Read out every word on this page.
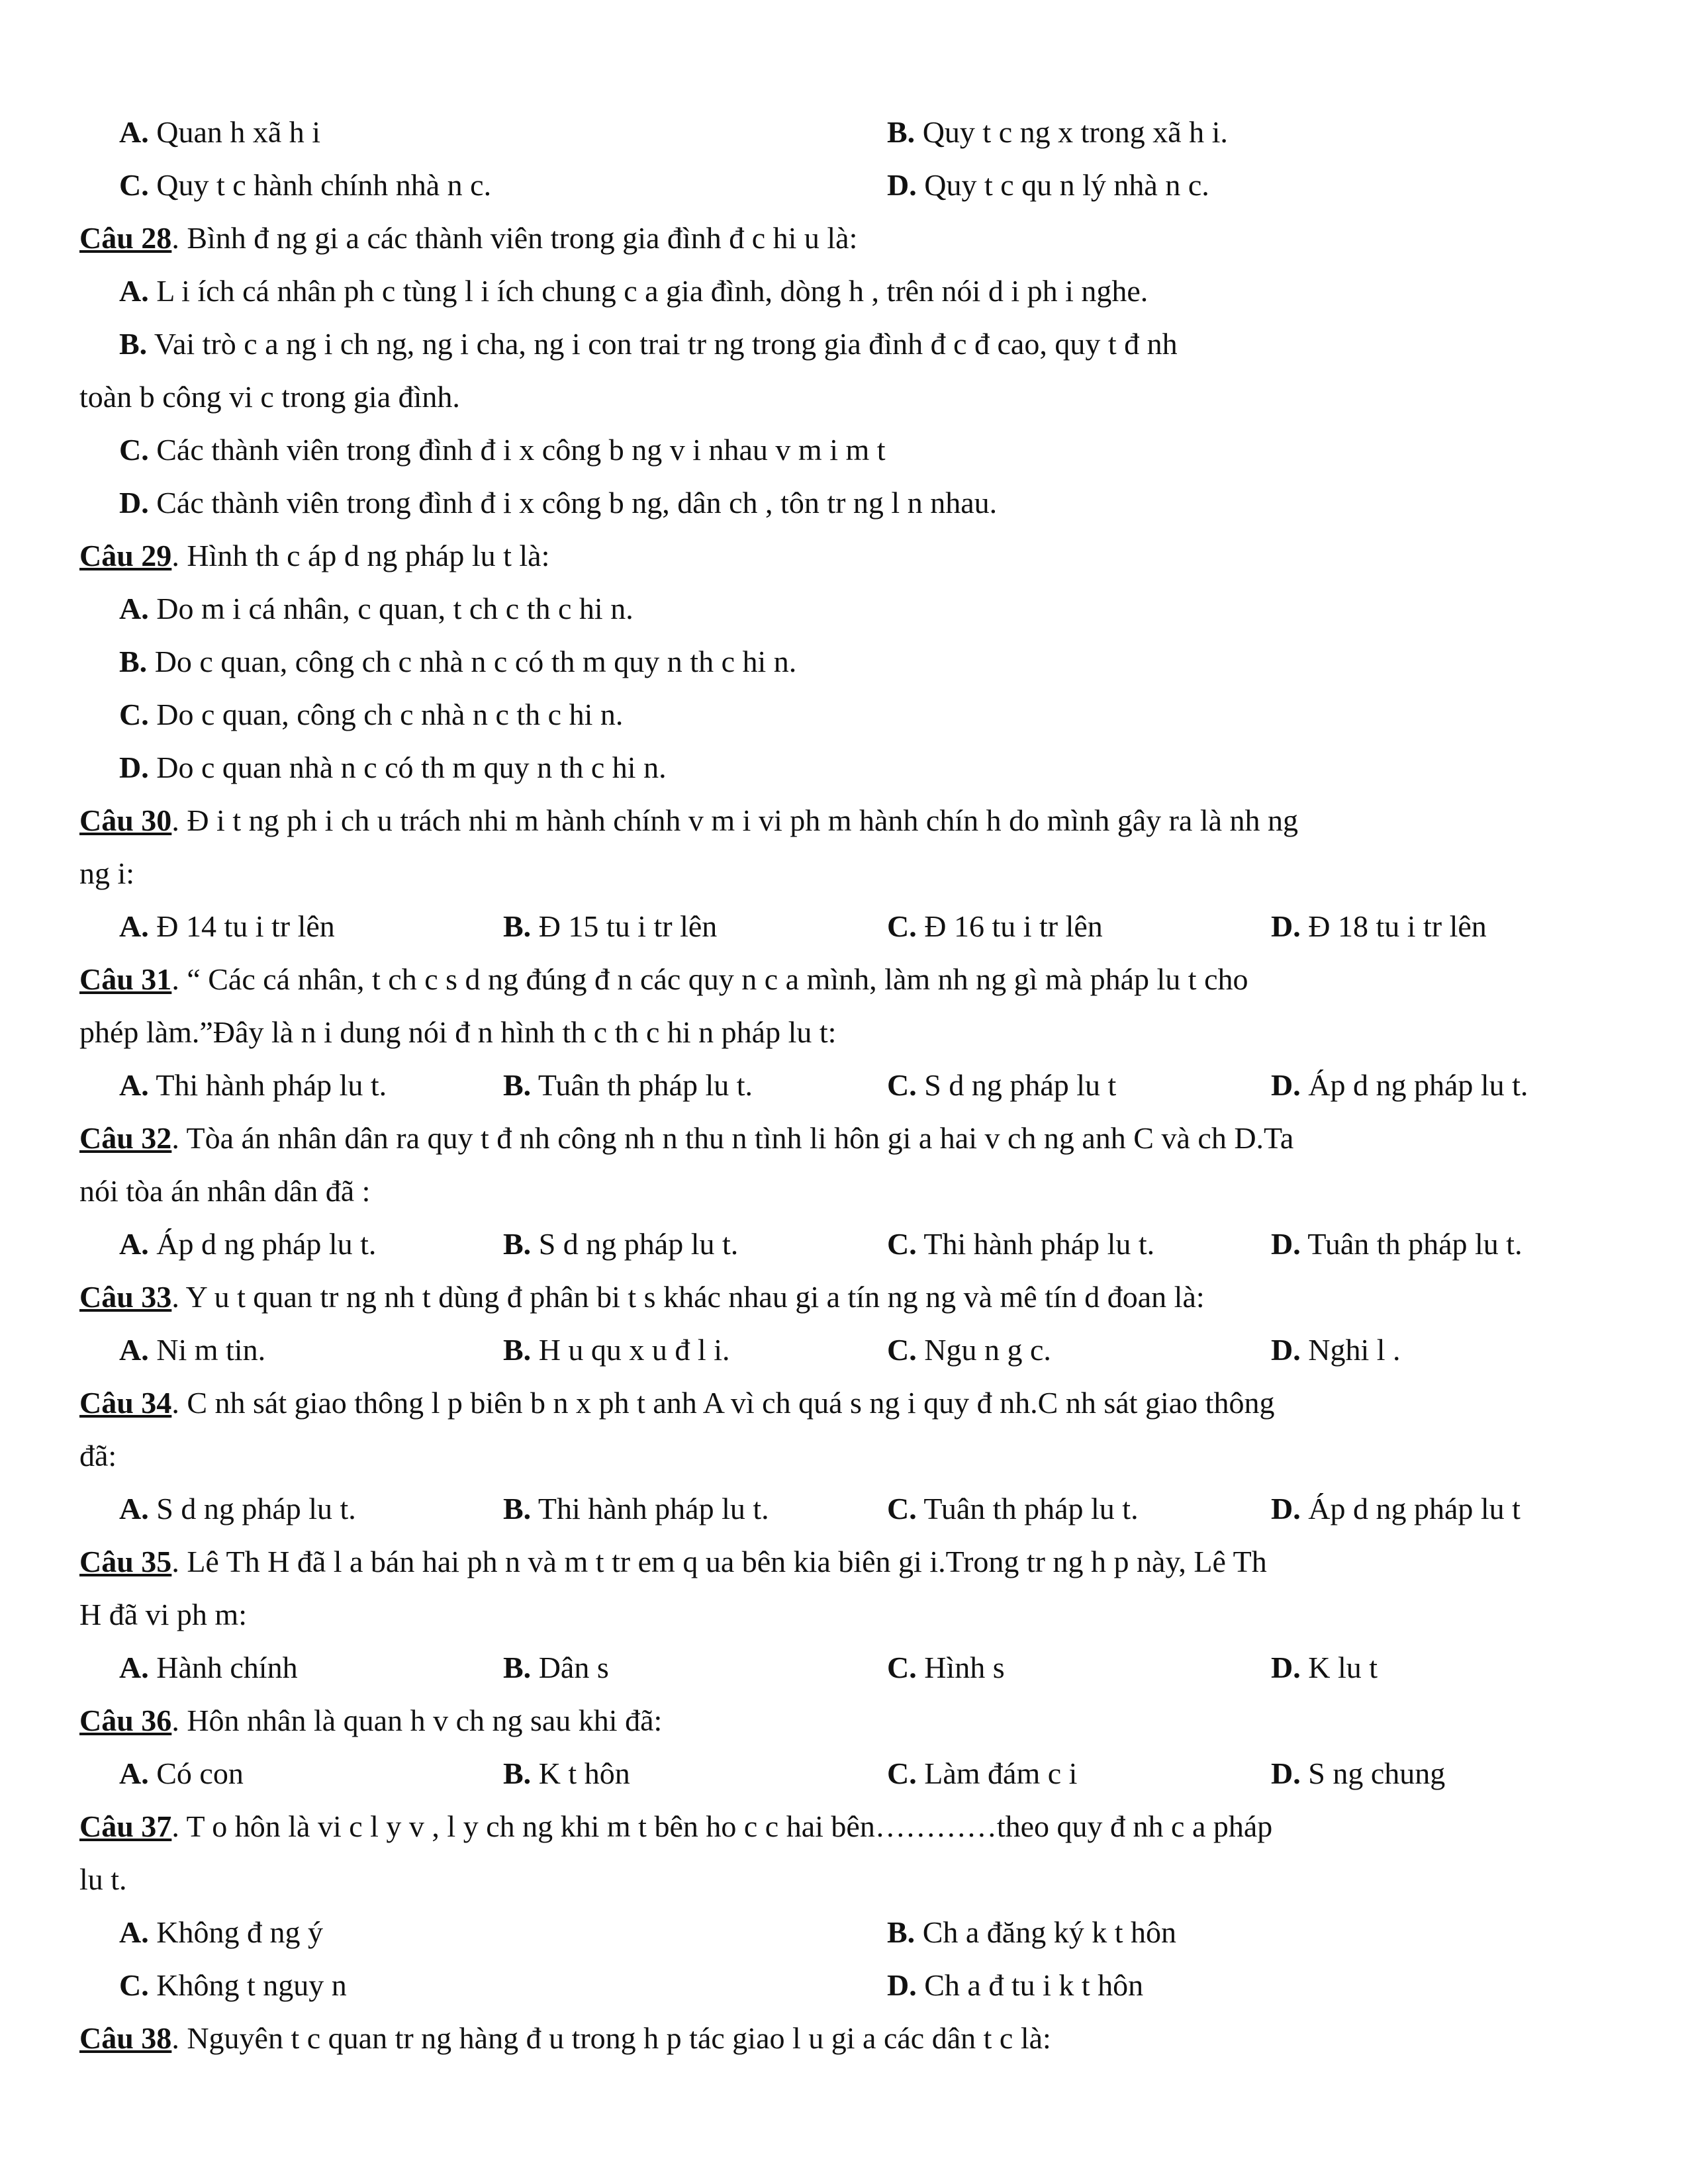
A. Quan h xã h i	B. Quy t c ng x trong xã h i.
C. Quy t c hành chính nhà n c.	D. Quy t c qu n lý nhà n c.

Câu 28. Bình đ ng gi a các thành viên trong gia đình đ c hi u là:

A. L i ích cá nhân ph c tùng l i ích chung c a gia đình, dòng h , trên nói d i ph i nghe.
B. Vai trò c a ng i ch ng, ng i cha, ng i con trai tr ng trong gia đình đ c đ cao, quy t đ nh
toàn b công vi c trong gia đình.
C. Các thành viên trong đình đ i x công b ng v i nhau v m i m t
D. Các thành viên trong đình đ i x công b ng, dân ch , tôn tr ng l n nhau.

Câu 29. Hình th c áp d ng pháp lu t là:

A. Do m i cá nhân, c quan, t ch c th c hi n.
B. Do c quan, công ch c nhà n c có th m quy n th c hi n.
C. Do c quan, công ch c nhà n c th c hi n.
D. Do c quan nhà n c có th m quy n th c hi n.

Câu 30. Đ i t ng ph i ch u trách nhi m hành chính v m i vi ph m hành chín h do mình gây ra là nh ng

ng i:
A. Đ 14 tu i tr lên	B. Đ 15 tu i tr lên	C. Đ 16 tu i tr lên	D. Đ 18 tu i tr lên

Câu 31. “ Các cá nhân, t ch c s d ng đúng đ n các quy n c a mình, làm nh ng gì mà pháp lu t cho

phép làm.”Đây là n i dung nói đ n hình th c th c hi n pháp lu t:
A. Thi hành pháp lu t.	B. Tuân th pháp lu t.	C. S d ng pháp lu t	D. Áp d ng pháp lu t.

Câu 32. Tòa án nhân dân ra quy t đ nh công nh n thu n tình li hôn gi a hai v ch ng anh C và ch D.Ta

nói tòa án nhân dân đã :
A. Áp d ng pháp lu t.	B. S d ng pháp lu t.	C. Thi hành pháp lu t.	D. Tuân th pháp lu t.

Câu 33. Y u t quan tr ng nh t dùng đ phân bi t s khác nhau gi a tín ng ng và mê tín d đoan là:

A. Ni m tin.	B. H u qu x u đ l i.	C. Ngu n g c.	D. Nghi l .

Câu 34. C nh sát giao thông l p biên b n x ph t anh A vì ch quá s ng i quy đ nh.C nh sát giao thông

đã:
A. S d ng pháp lu t.	B. Thi hành pháp lu t.	C. Tuân th pháp lu t.	D. Áp d ng pháp lu t

Câu 35. Lê Th H đã l a bán hai ph n và m t tr em q ua bên kia biên gi i.Trong tr ng h p này, Lê Th

H đã vi ph m:
A. Hành chính	B. Dân s	C. Hình s	D. K lu t

Câu 36. Hôn nhân là quan h v ch ng sau khi đã:

A. Có con	B. K t hôn	C. Làm đám c i	D. S ng chung

Câu 37. T o hôn là vi c l y v , l y ch ng khi m t bên ho c c hai bên…………theo quy đ nh c a pháp

lu t.
A. Không đ ng ý	B. Ch a đăng ký k t hôn
C. Không t nguy n	D. Ch a đ tu i k t hôn

Câu 38. Nguyên t c quan tr ng hàng đ u trong h p tác giao l u gi a các dân t c là:
